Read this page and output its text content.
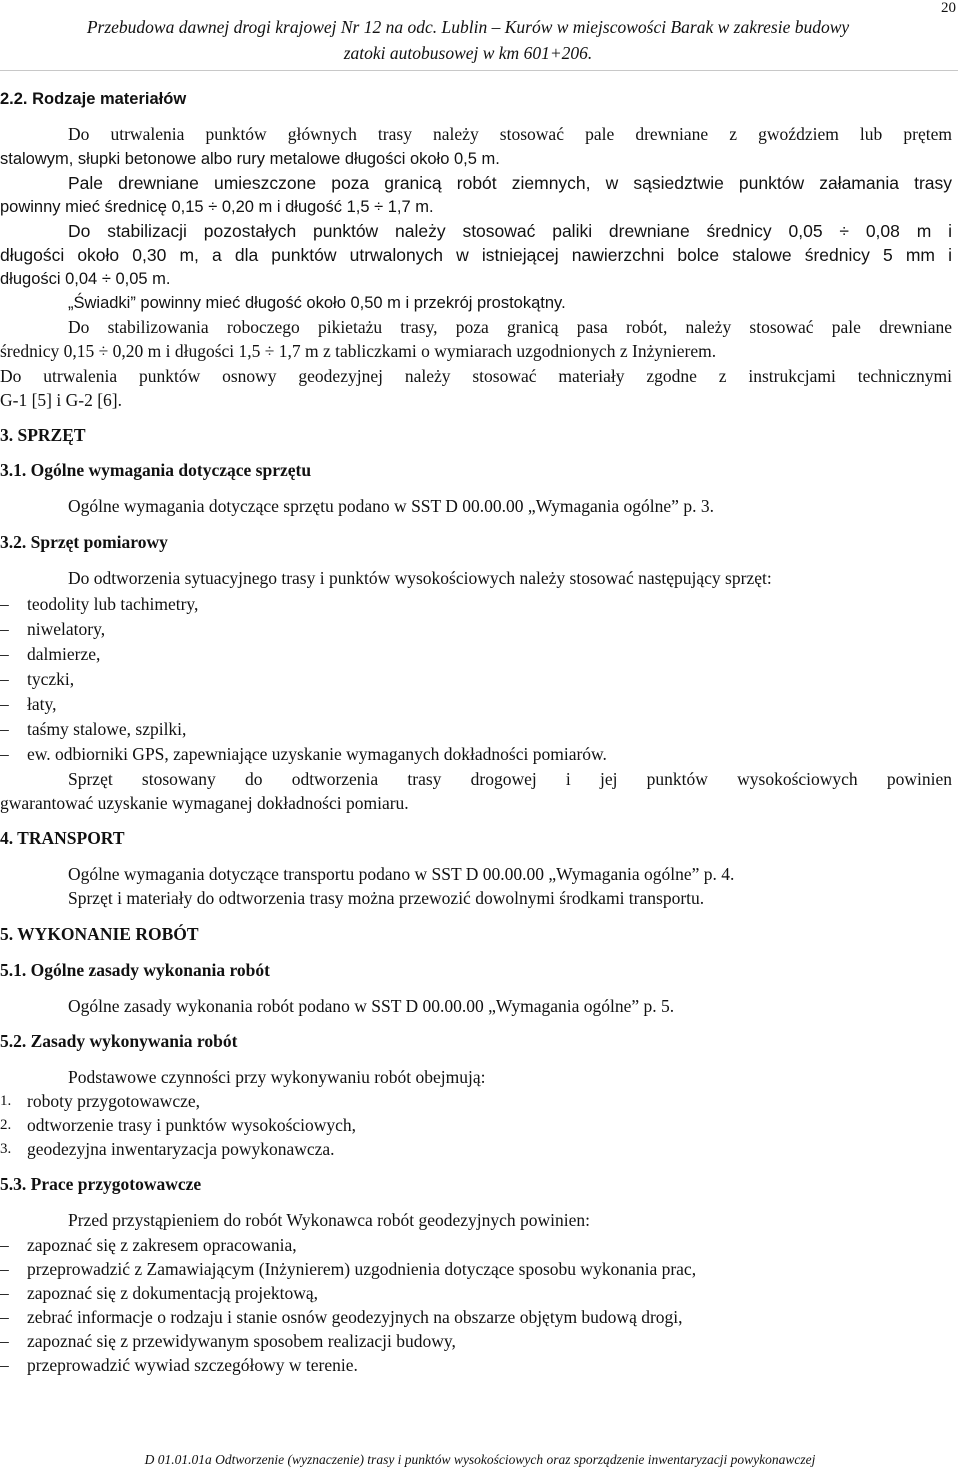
20
Przebudowa dawnej drogi krajowej Nr 12 na odc. Lublin – Kurów w miejscowości Barak w zakresie budowy
zatoki autobusowej w km 601+206.
2.2. Rodzaje materiałów
Do utrwalenia punktów głównych trasy należy stosować pale drewniane z gwoździem lub prętem
stalowym, słupki betonowe albo rury metalowe długości około 0,5 m.
Pale drewniane umieszczone poza granicą robót ziemnych, w sąsiedztwie punktów załamania trasy
powinny mieć średnicę 0,15 ÷ 0,20 m i długość 1,5 ÷ 1,7 m.
Do stabilizacji pozostałych punktów należy stosować paliki drewniane średnicy 0,05 ÷ 0,08 m i
długości około 0,30 m, a dla punktów utrwalonych w istniejącej nawierzchni bolce stalowe średnicy 5 mm i
długości 0,04 ÷ 0,05 m.
„Świadki” powinny mieć długość około 0,50 m i przekrój prostokątny.
Do stabilizowania roboczego pikietażu trasy, poza granicą pasa robót, należy stosować pale drewniane
średnicy 0,15 ÷ 0,20 m i długości 1,5 ÷ 1,7 m z tabliczkami o wymiarach uzgodnionych z Inżynierem.
Do utrwalenia punktów osnowy geodezyjnej należy stosować materiały zgodne z instrukcjami technicznymi
G-1 [5] i G-2 [6].
3. SPRZĘT
3.1. Ogólne wymagania dotyczące sprzętu
Ogólne wymagania dotyczące sprzętu podano w SST D 00.00.00 „Wymagania ogólne” p. 3.
3.2. Sprzęt pomiarowy
Do odtworzenia sytuacyjnego trasy i punktów wysokościowych należy stosować następujący sprzęt:
– teodolity lub tachimetry,
– niwelatory,
– dalmierze,
– tyczki,
– łaty,
– taśmy stalowe, szpilki,
– ew. odbiorniki GPS, zapewniające uzyskanie wymaganych dokładności pomiarów.
Sprzęt stosowany do odtworzenia trasy drogowej i jej punktów wysokościowych powinien
gwarantować uzyskanie wymaganej dokładności pomiaru.
4. TRANSPORT
Ogólne wymagania dotyczące transportu podano w SST D 00.00.00 „Wymagania ogólne” p. 4.
Sprzęt i materiały do odtworzenia trasy można przewozić dowolnymi środkami transportu.
5. WYKONANIE ROBÓT
5.1. Ogólne zasady wykonania robót
Ogólne zasady wykonania robót podano w SST D 00.00.00 „Wymagania ogólne” p. 5.
5.2. Zasady wykonywania robót
Podstawowe czynności przy wykonywaniu robót obejmują:
1. roboty przygotowawcze,
2. odtworzenie trasy i punktów wysokościowych,
3. geodezyjna inwentaryzacja powykonawcza.
5.3. Prace przygotowawcze
Przed przystąpieniem do robót Wykonawca robót geodezyjnych powinien:
– zapoznać się z zakresem opracowania,
– przeprowadzić z Zamawiającym (Inżynierem) uzgodnienia dotyczące sposobu wykonania prac,
– zapoznać się z dokumentacją projektową,
– zebrać informacje o rodzaju i stanie osnów geodezyjnych na obszarze objętym budową drogi,
– zapoznać się z przewidywanym sposobem realizacji budowy,
– przeprowadzić wywiad szczegółowy w terenie.
D 01.01.01a Odtworzenie (wyznaczenie) trasy i punktów wysokościowych oraz sporządzenie inwentaryzacji powykonawczej
